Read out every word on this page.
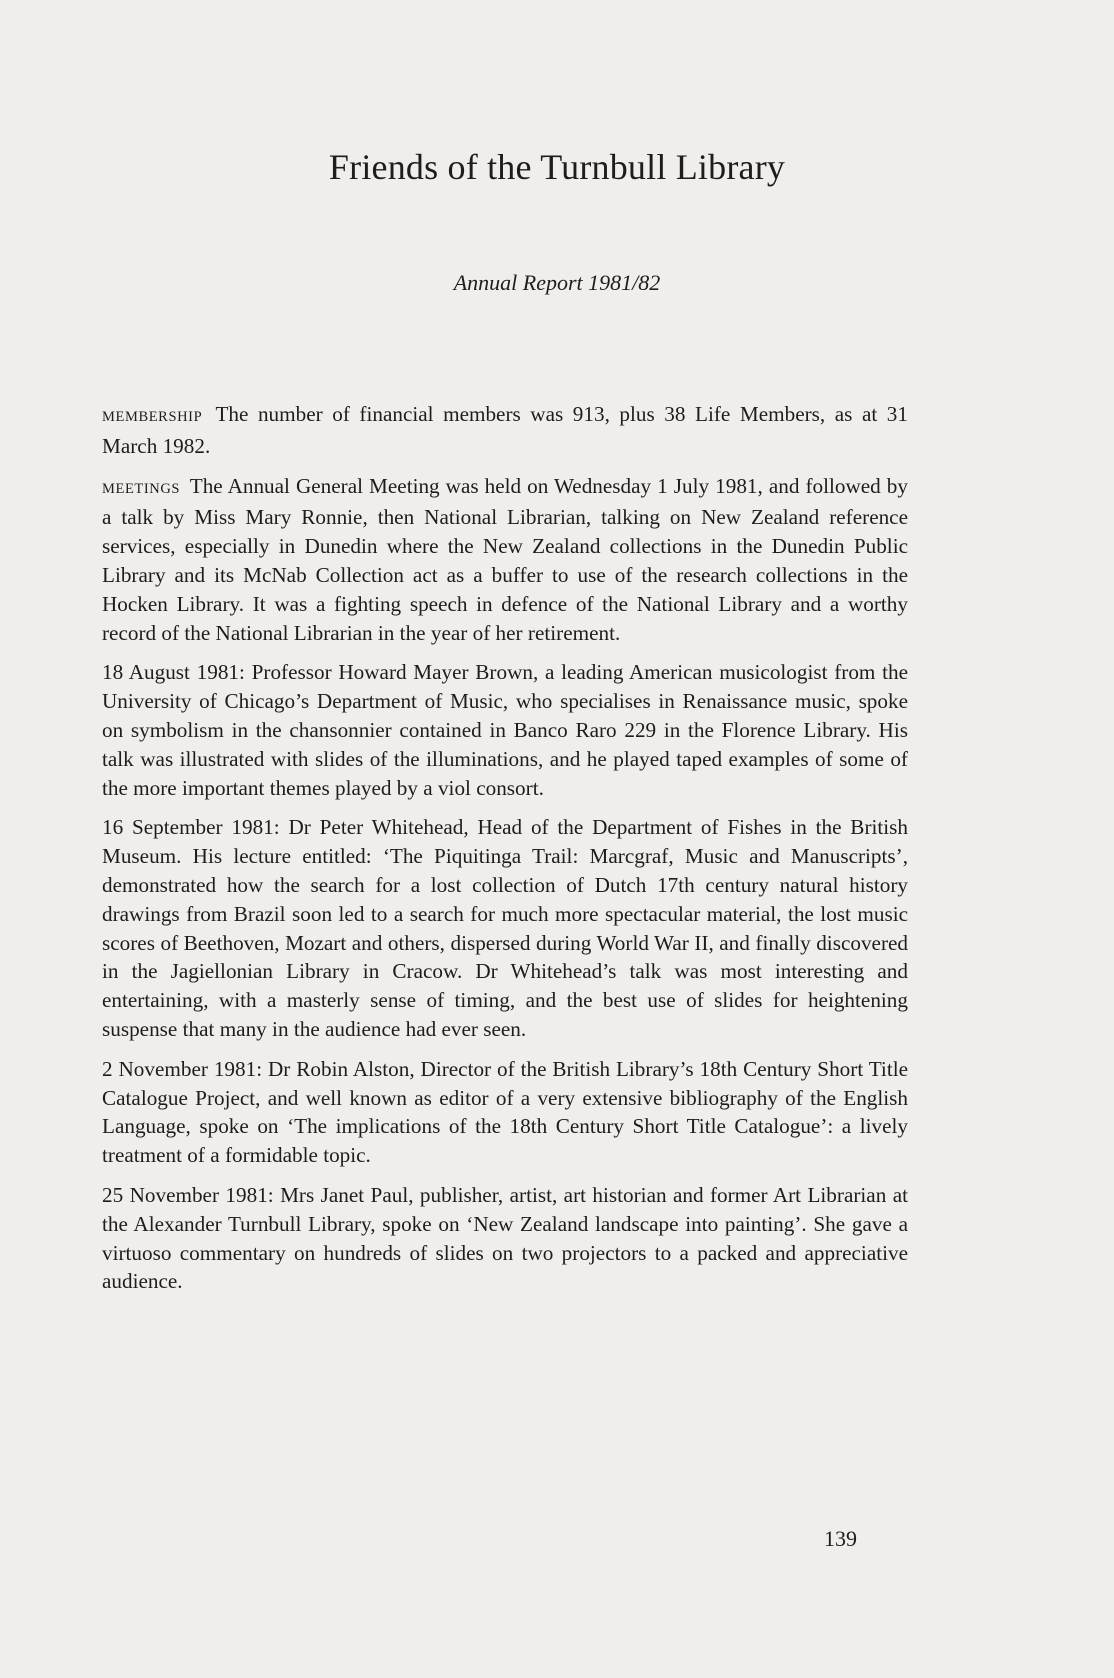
Friends of the Turnbull Library
Annual Report 1981/82

MEMBERSHIP The number of financial members was 913, plus 38 Life Members, as at 31 March 1982.

MEETINGS The Annual General Meeting was held on Wednesday 1 July 1981, and followed by a talk by Miss Mary Ronnie, then National Librarian, talking on New Zealand reference services, especially in Dunedin where the New Zealand collections in the Dunedin Public Library and its McNab Collection act as a buffer to use of the research collections in the Hocken Library. It was a fighting speech in defence of the National Library and a worthy record of the National Librarian in the year of her retirement.

18 August 1981: Professor Howard Mayer Brown, a leading American musicologist from the University of Chicago’s Department of Music, who specialises in Renaissance music, spoke on symbolism in the chansonnier contained in Banco Raro 229 in the Florence Library. His talk was illustrated with slides of the illuminations, and he played taped examples of some of the more important themes played by a viol consort.

16 September 1981: Dr Peter Whitehead, Head of the Department of Fishes in the British Museum. His lecture entitled: ‘The Piquitinga Trail: Marcgraf, Music and Manuscripts’, demonstrated how the search for a lost collection of Dutch 17th century natural history drawings from Brazil soon led to a search for much more spectacular material, the lost music scores of Beethoven, Mozart and others, dispersed during World War II, and finally discovered in the Jagiellonian Library in Cracow. Dr Whitehead’s talk was most interesting and entertaining, with a masterly sense of timing, and the best use of slides for heightening suspense that many in the audience had ever seen.

2 November 1981: Dr Robin Alston, Director of the British Library’s 18th Century Short Title Catalogue Project, and well known as editor of a very extensive bibliography of the English Language, spoke on ‘The implications of the 18th Century Short Title Catalogue’: a lively treatment of a formidable topic.

25 November 1981: Mrs Janet Paul, publisher, artist, art historian and former Art Librarian at the Alexander Turnbull Library, spoke on ‘New Zealand landscape into painting’. She gave a virtuoso commentary on hundreds of slides on two projectors to a packed and appreciative audience.

139
